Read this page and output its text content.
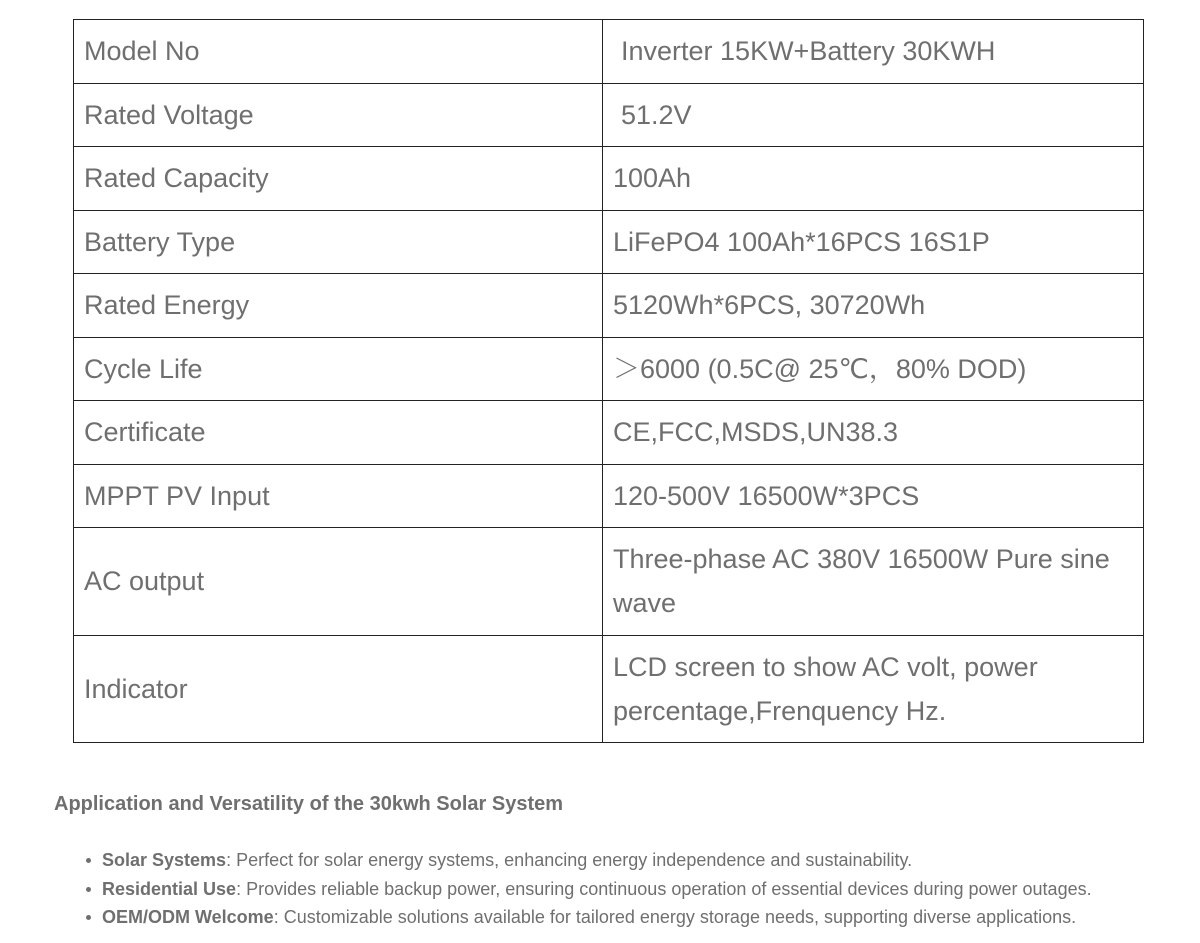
Model No	Inverter 15KW+Battery 30KWH
Rated Voltage	51.2V
Rated Capacity	100Ah
Battery Type	LiFePO4 100Ah*16PCS 16S1P
Rated Energy	5120Wh*6PCS, 30720Wh
Cycle Life	＞6000 (0.5C@ 25℃，80% DOD)
Certificate	CE,FCC,MSDS,UN38.3
MPPT PV Input	120-500V 16500W*3PCS
AC output	Three-phase AC 380V 16500W Pure sine wave
Indicator	LCD screen to show AC volt, power percentage,Frenquency Hz.
Application and Versatility of the 30kwh Solar System
Solar Systems: Perfect for solar energy systems, enhancing energy independence and sustainability.
Residential Use: Provides reliable backup power, ensuring continuous operation of essential devices during power outages.
OEM/ODM Welcome: Customizable solutions available for tailored energy storage needs, supporting diverse applications.
